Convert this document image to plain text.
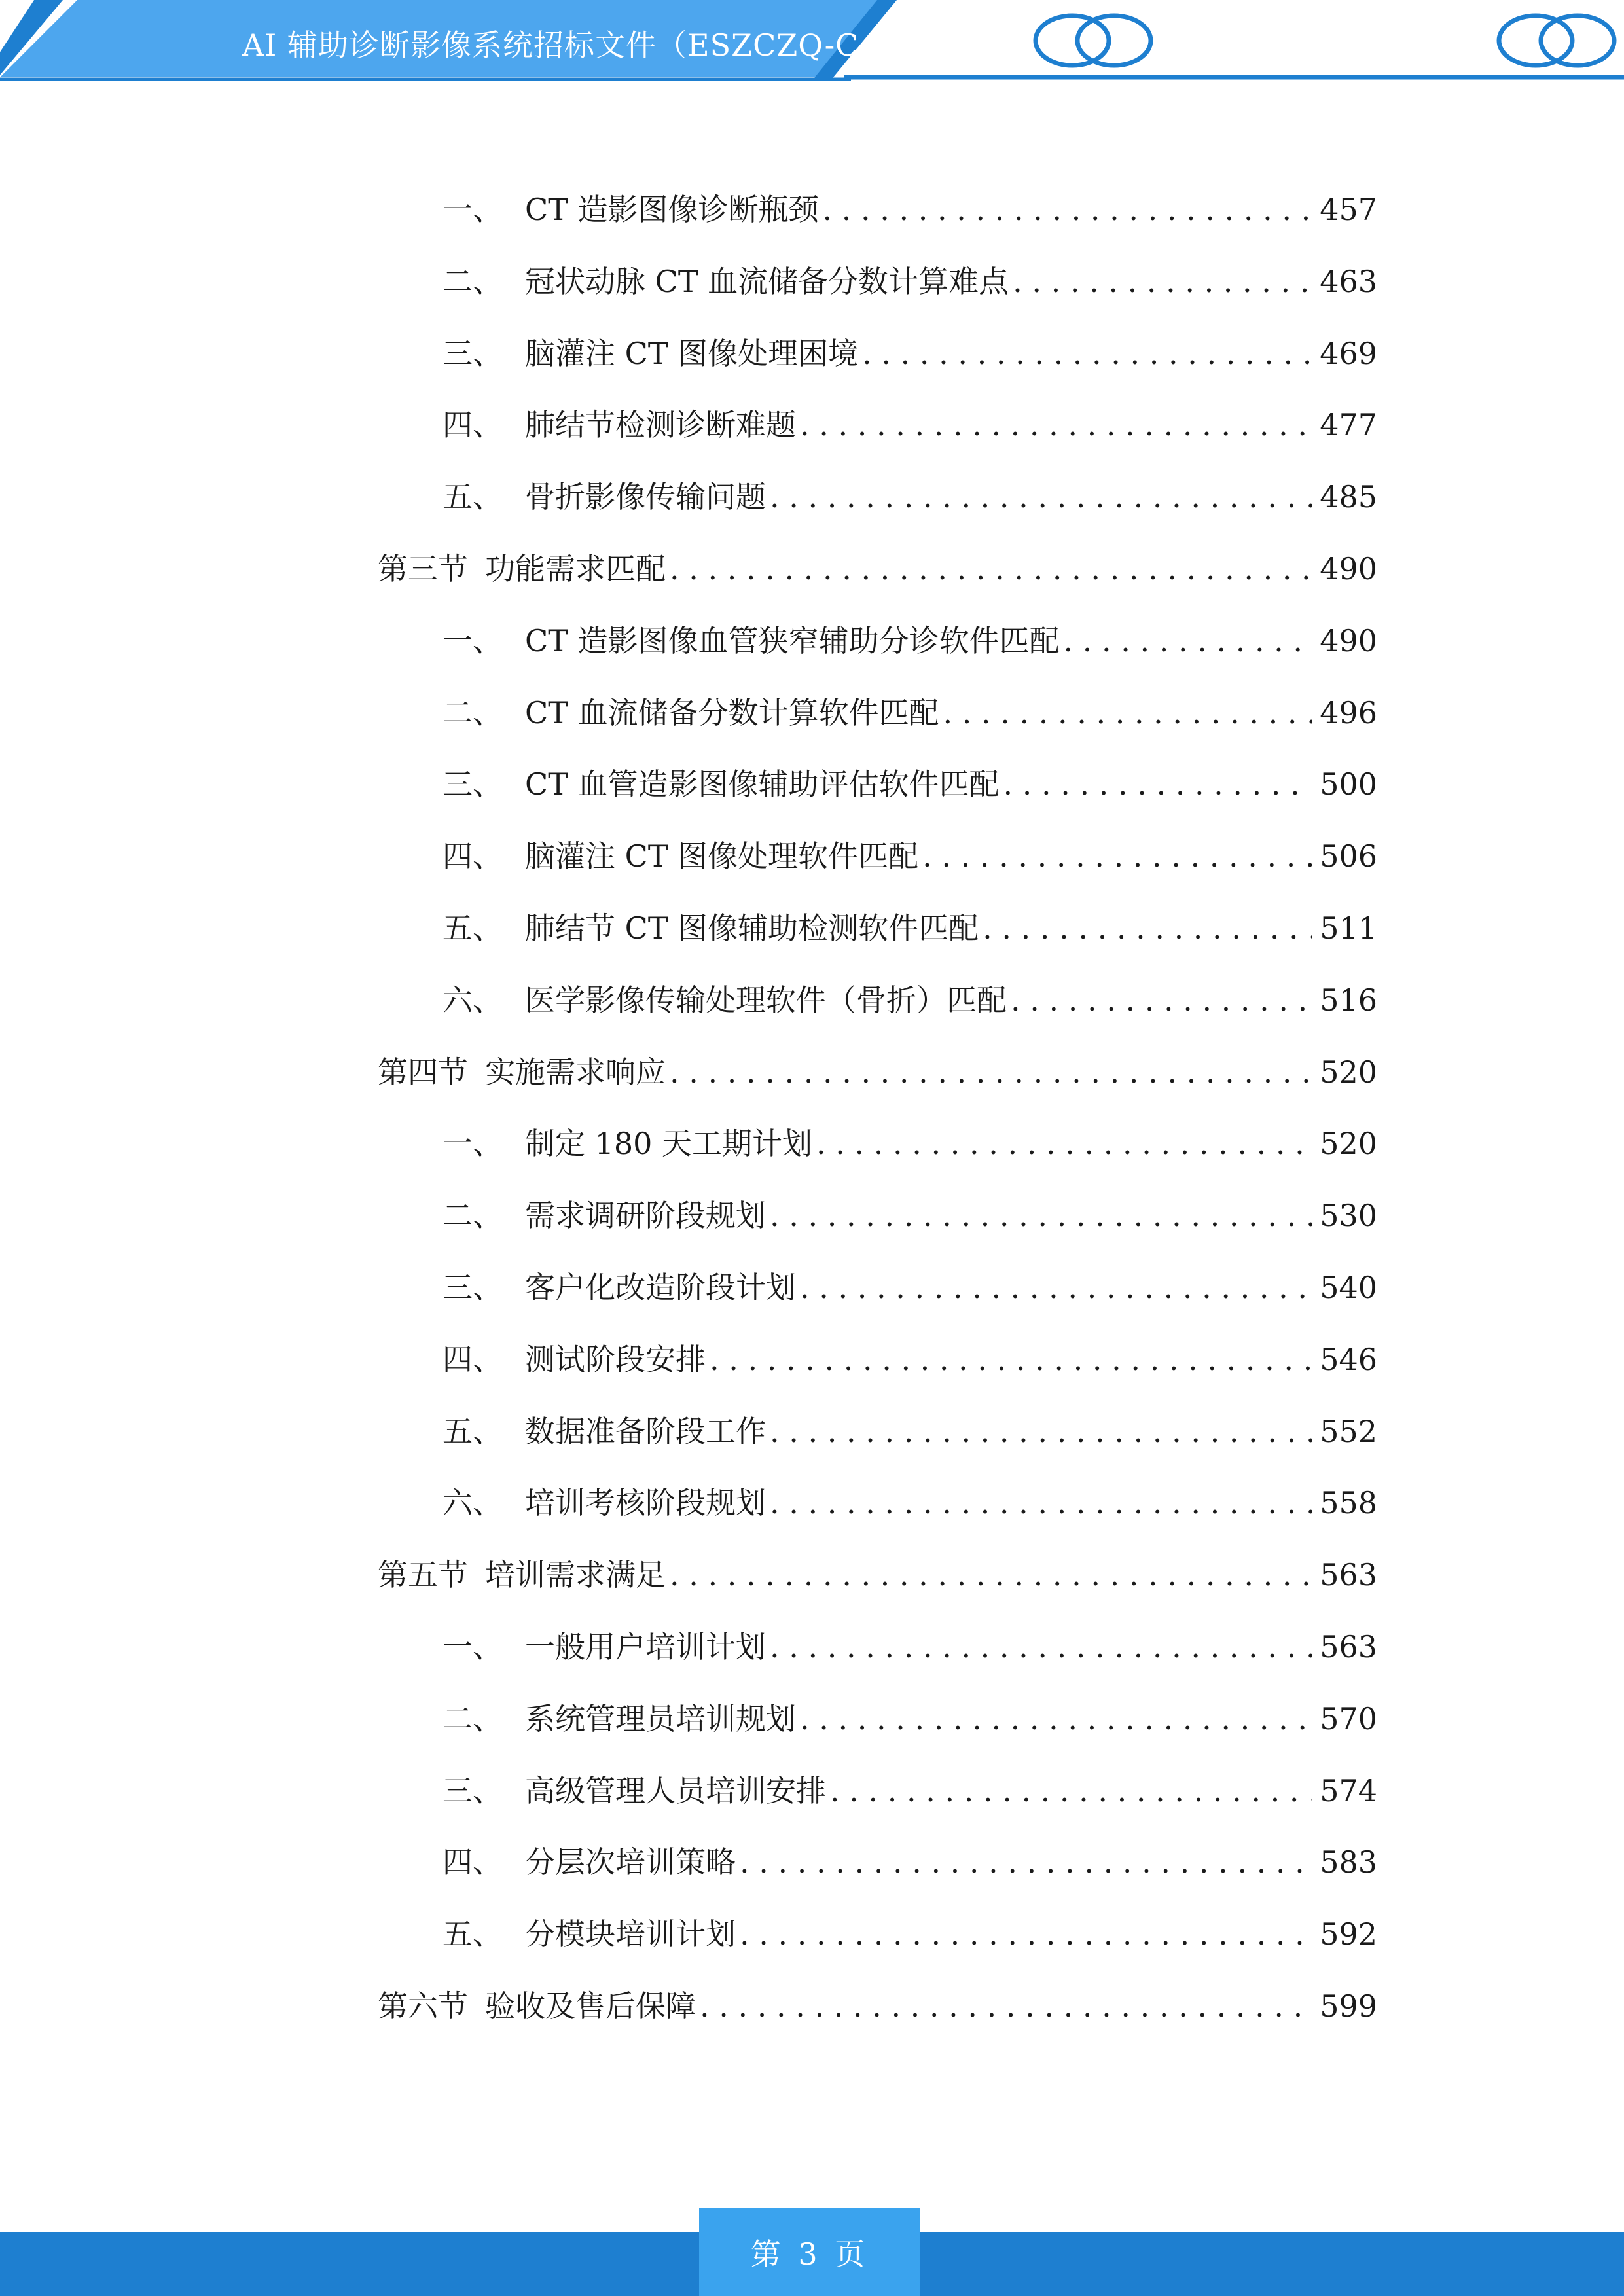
AI 辅助诊断影像系统招标文件（ESZCZQ-C
一、 CT 造影图像诊断瓶颈 . . .	457
二、 冠状动脉 CT 血流储备分数计算难点 . . .	463
三、 脑灌注 CT 图像处理困境 . . .	469
四、 肺结节检测诊断难题 . . .	477
五、 骨折影像传输问题 . . .	485
第三节 功能需求匹配 . . .	490
一、 CT 造影图像血管狭窄辅助分诊软件匹配 . . .	490
二、 CT 血流储备分数计算软件匹配 . . .	496
三、 CT 血管造影图像辅助评估软件匹配 . . .	500
四、 脑灌注 CT 图像处理软件匹配 . . .	506
五、 肺结节 CT 图像辅助检测软件匹配 . . .	511
六、 医学影像传输处理软件（骨折）匹配 . . .	516
第四节 实施需求响应 . . .	520
一、 制定 180 天工期计划 . . .	520
二、 需求调研阶段规划 . . .	530
三、 客户化改造阶段计划 . . .	540
四、 测试阶段安排 . . .	546
五、 数据准备阶段工作 . . .	552
六、 培训考核阶段规划 . . .	558
第五节 培训需求满足 . . .	563
一、 一般用户培训计划 . . .	563
二、 系统管理员培训规划 . . .	570
三、 高级管理人员培训安排 . . .	574
四、 分层次培训策略 . . .	583
五、 分模块培训计划 . . .	592
第六节 验收及售后保障 . . .	599
第 3 页
